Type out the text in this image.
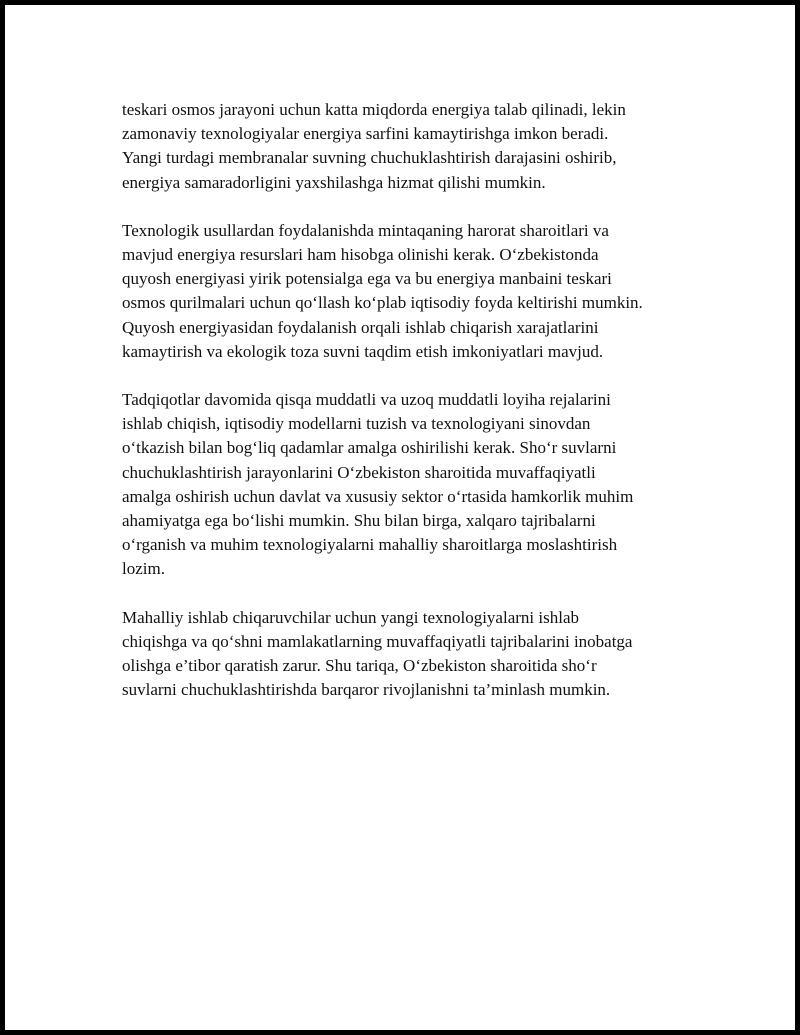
teskari osmos jarayoni uchun katta miqdorda energiya talab qilinadi, lekin
zamonaviy texnologiyalar energiya sarfini kamaytirishga imkon beradi.
Yangi turdagi membranalar suvning chuchuklashtirish darajasini oshirib,
energiya samaradorligini yaxshilashga hizmat qilishi mumkin.

Texnologik usullardan foydalanishda mintaqaning harorat sharoitlari va
mavjud energiya resurslari ham hisobga olinishi kerak. O‘zbekistonda
quyosh energiyasi yirik potensialga ega va bu energiya manbaini teskari
osmos qurilmalari uchun qo‘llash ko‘plab iqtisodiy foyda keltirishi mumkin.
Quyosh energiyasidan foydalanish orqali ishlab chiqarish xarajatlarini
kamaytirish va ekologik toza suvni taqdim etish imkoniyatlari mavjud.

Tadqiqotlar davomida qisqa muddatli va uzoq muddatli loyiha rejalarini
ishlab chiqish, iqtisodiy modellarni tuzish va texnologiyani sinovdan
o‘tkazish bilan bog‘liq qadamlar amalga oshirilishi kerak. Sho‘r suvlarni
chuchuklashtirish jarayonlarini O‘zbekiston sharoitida muvaffaqiyatli
amalga oshirish uchun davlat va xususiy sektor o‘rtasida hamkorlik muhim
ahamiyatga ega bo‘lishi mumkin. Shu bilan birga, xalqaro tajribalarni
o‘rganish va muhim texnologiyalarni mahalliy sharoitlarga moslashtirish
lozim.

Mahalliy ishlab chiqaruvchilar uchun yangi texnologiyalarni ishlab
chiqishga va qo‘shni mamlakatlarning muvaffaqiyatli tajribalarini inobatga
olishga e’tibor qaratish zarur. Shu tariqa, O‘zbekiston sharoitida sho‘r
suvlarni chuchuklashtirishda barqaror rivojlanishni ta’minlash mumkin.
